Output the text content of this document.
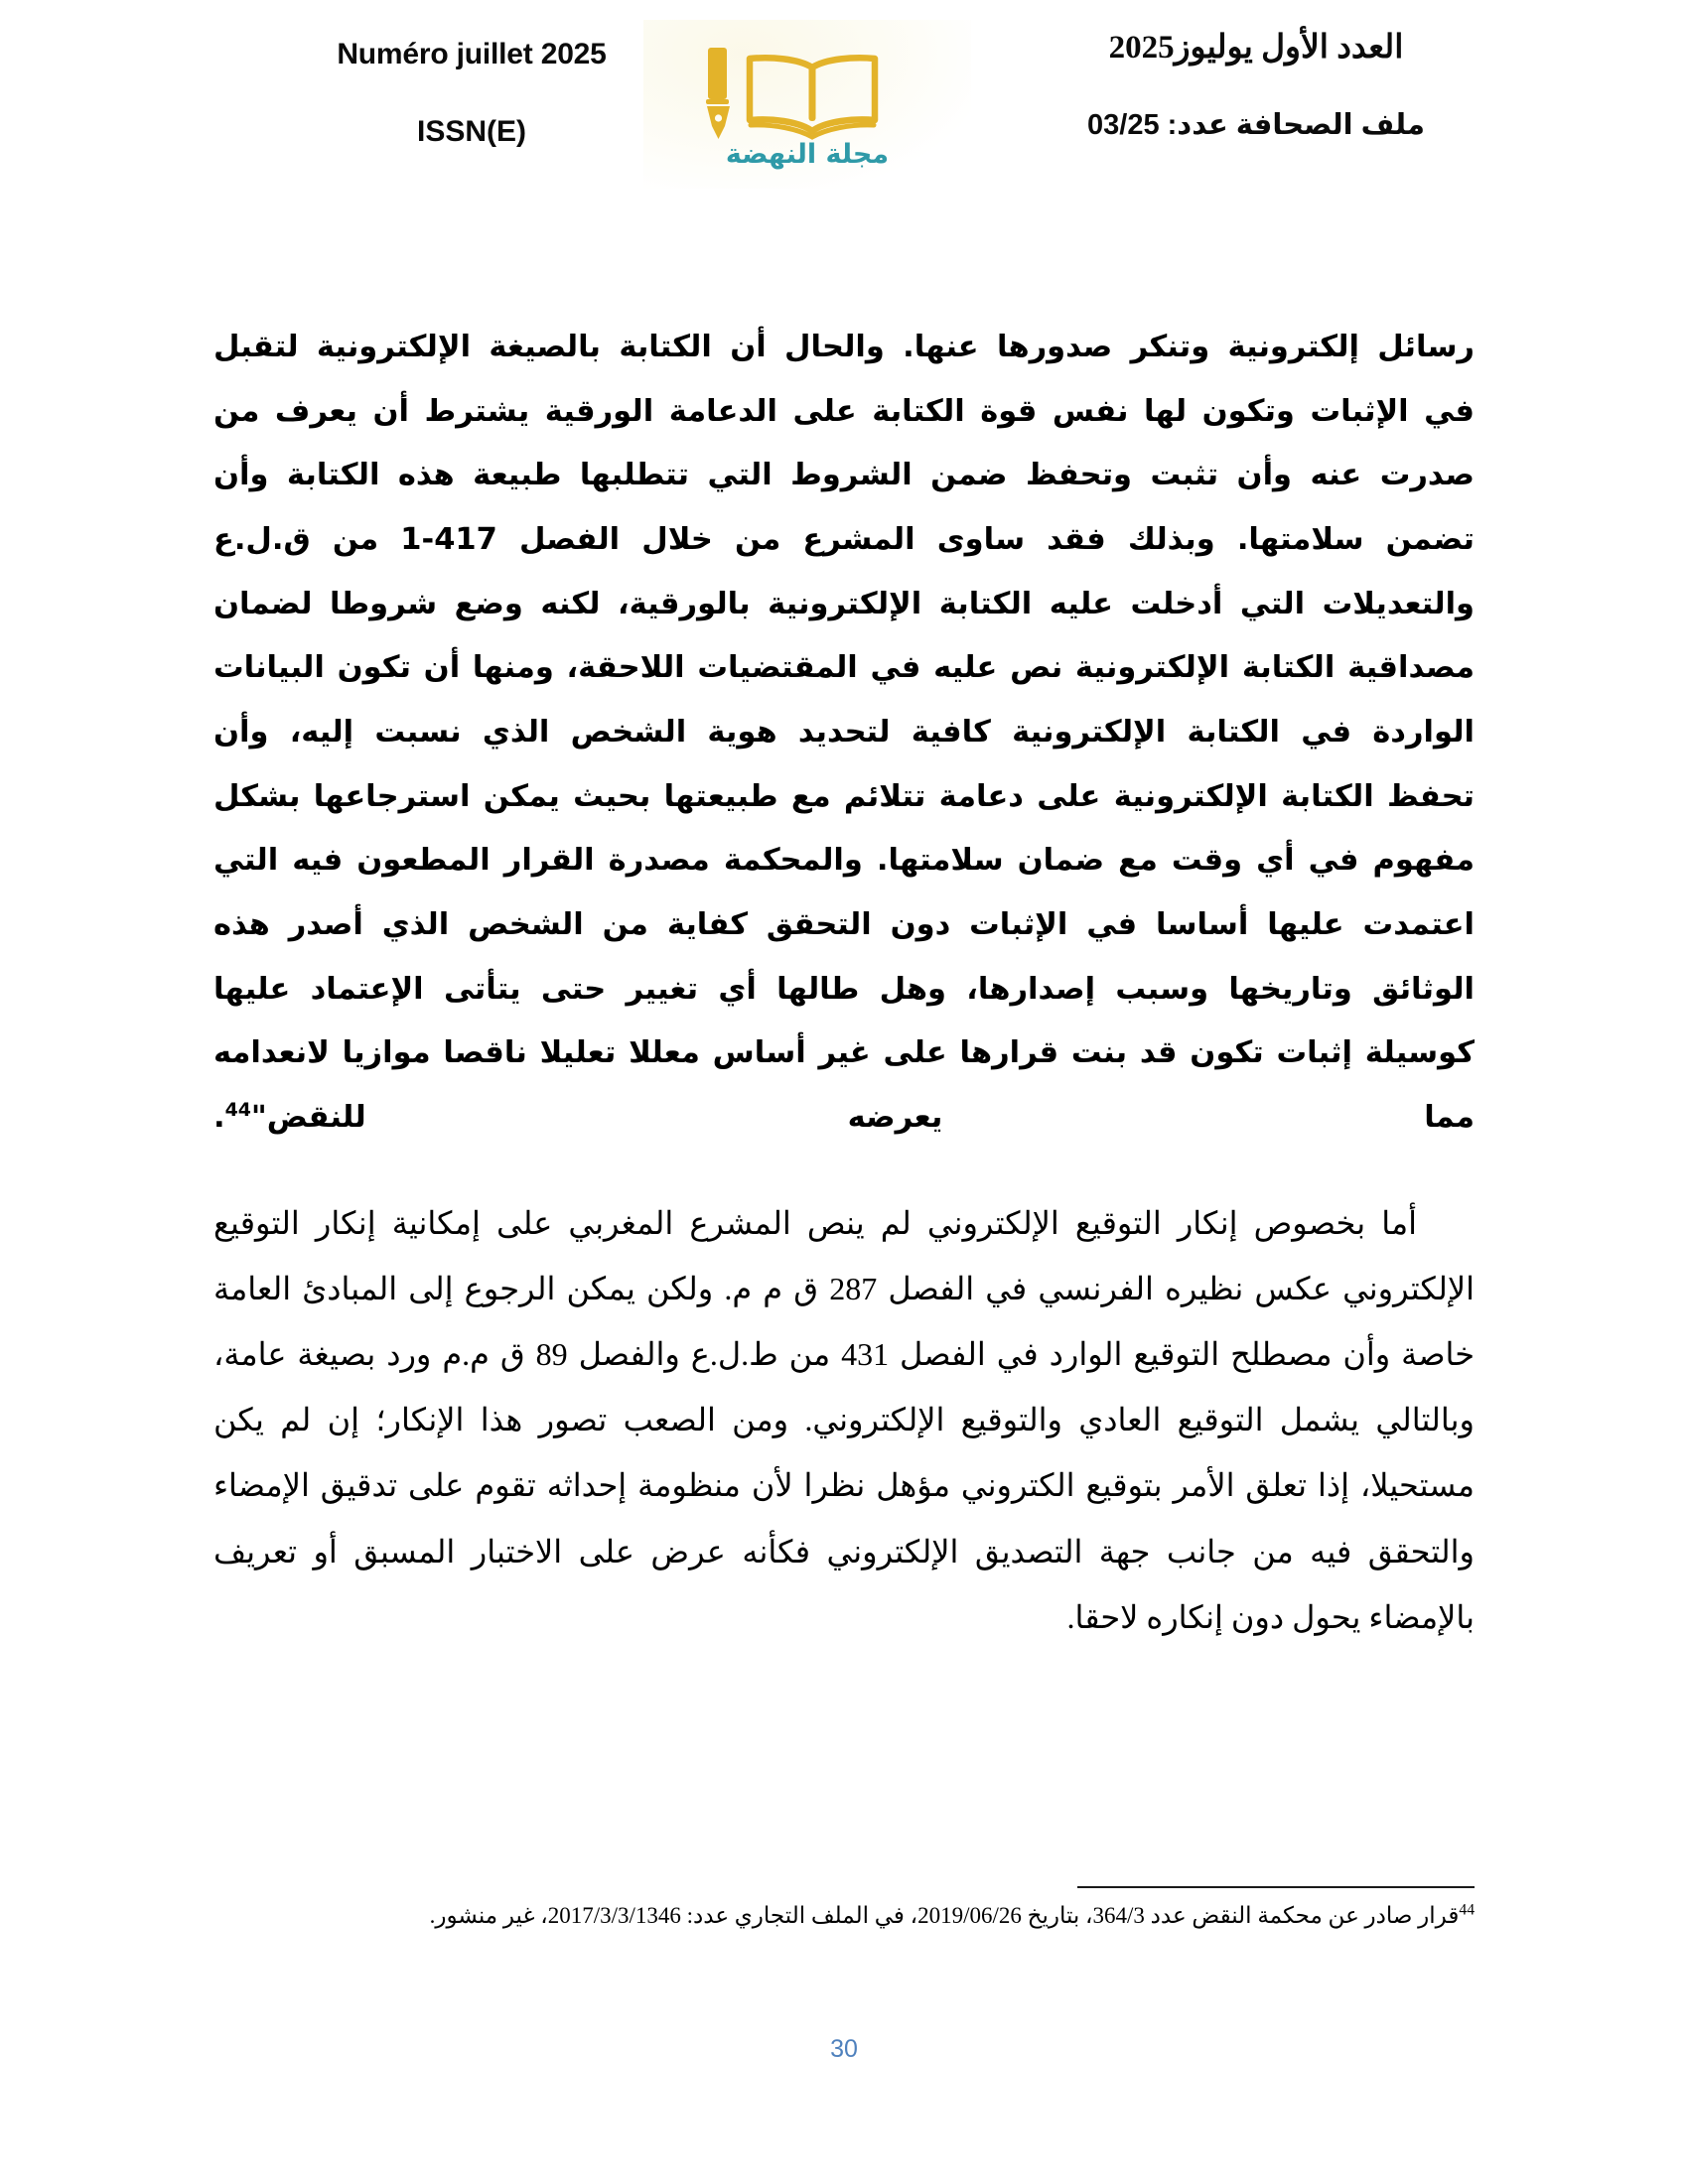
Numéro juillet 2025
ISSN(E)
مجلة النهضة
العدد الأول يوليوز2025
ملف الصحافة عدد: 03/25

رسائل إلكترونية وتنكر صدورها عنها. والحال أن الكتابة بالصيغة الإلكترونية لتقبل في الإثبات وتكون لها نفس قوة الكتابة على الدعامة الورقية يشترط أن يعرف من صدرت عنه وأن تثبت وتحفظ ضمن الشروط التي تتطلبها طبيعة هذه الكتابة وأن تضمن سلامتها. وبذلك فقد ساوى المشرع من خلال الفصل 417-1 من ق.ل.ع والتعديلات التي أدخلت عليه الكتابة الإلكترونية بالورقية، لكنه وضع شروطا لضمان مصداقية الكتابة الإلكترونية نص عليه في المقتضيات اللاحقة، ومنها أن تكون البيانات الواردة في الكتابة الإلكترونية كافية لتحديد هوية الشخص الذي نسبت إليه، وأن تحفظ الكتابة الإلكترونية على دعامة تتلائم مع طبيعتها بحيث يمكن استرجاعها بشكل مفهوم في أي وقت مع ضمان سلامتها. والمحكمة مصدرة القرار المطعون فيه التي اعتمدت عليها أساسا في الإثبات دون التحقق كفاية من الشخص الذي أصدر هذه الوثائق وتاريخها وسبب إصدارها، وهل طالها أي تغيير حتى يتأتى الإعتماد عليها كوسيلة إثبات تكون قد بنت قرارها على غير أساس معللا تعليلا ناقصا موازيا لانعدامه مما يعرضه للنقض"$^{44}$.

أما بخصوص إنكار التوقيع الإلكتروني لم ينص المشرع المغربي على إمكانية إنكار التوقيع الإلكتروني عكس نظيره الفرنسي في الفصل 287 ق م م. ولكن يمكن الرجوع إلى المبادئ العامة خاصة وأن مصطلح التوقيع الوارد في الفصل 431 من ط.ل.ع والفصل 89 ق م.م ورد بصيغة عامة، وبالتالي يشمل التوقيع العادي والتوقيع الإلكتروني. ومن الصعب تصور هذا الإنكار؛ إن لم يكن مستحيلا، إذا تعلق الأمر بتوقيع الكتروني مؤهل نظرا لأن منظومة إحداثه تقوم على تدقيق الإمضاء والتحقق فيه من جانب جهة التصديق الإلكتروني فكأنه عرض على الاختبار المسبق أو تعريف بالإمضاء يحول دون إنكاره لاحقا.

$^{44}$قرار صادر عن محكمة النقض عدد 364/3، بتاريخ 2019/06/26، في الملف التجاري عدد: 2017/3/3/1346، غير منشور.
30
